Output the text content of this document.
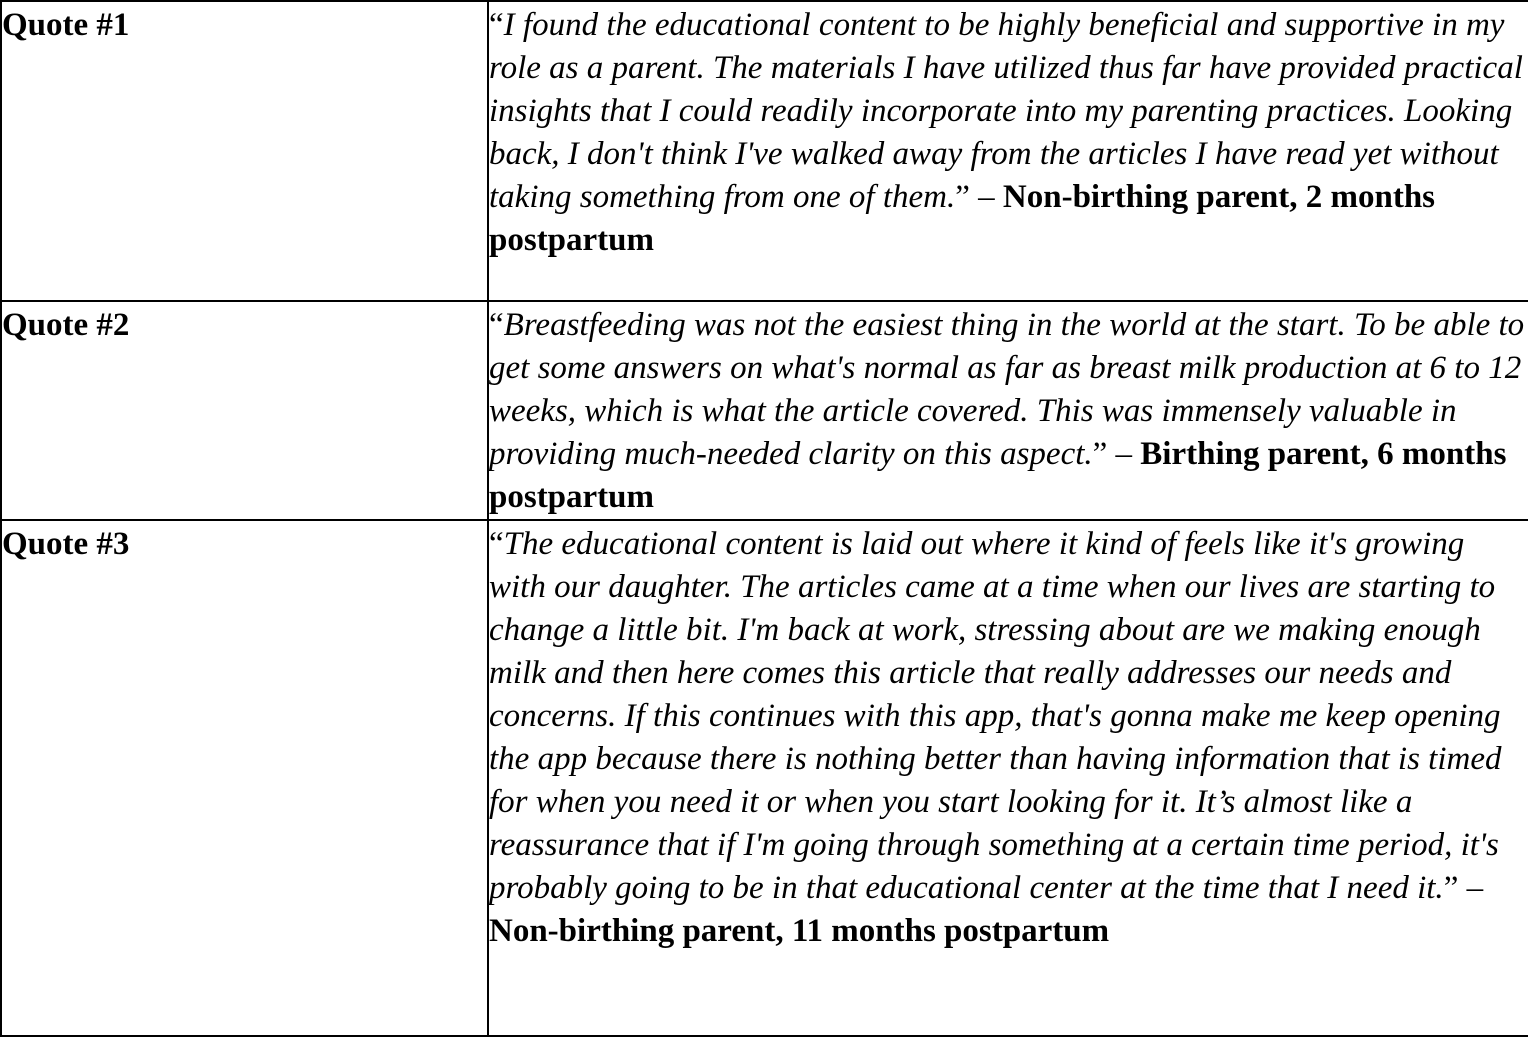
Quote #1	“I found the educational content to be highly beneficial and supportive in my role as a parent. The materials I have utilized thus far have provided practical insights that I could readily incorporate into my parenting practices. Looking back, I don't think I've walked away from the articles I have read yet without taking something from one of them.” – Non-birthing parent, 2 months postpartum

Quote #2	“Breastfeeding was not the easiest thing in the world at the start. To be able to get some answers on what's normal as far as breast milk production at 6 to 12 weeks, which is what the article covered. This was immensely valuable in providing much-needed clarity on this aspect.” – Birthing parent, 6 months postpartum

Quote #3	“The educational content is laid out where it kind of feels like it's growing with our daughter. The articles came at a time when our lives are starting to change a little bit. I'm back at work, stressing about are we making enough milk and then here comes this article that really addresses our needs and concerns. If this continues with this app, that's gonna make me keep opening the app because there is nothing better than having information that is timed for when you need it or when you start looking for it. It’s almost like a reassurance that if I'm going through something at a certain time period, it's probably going to be in that educational center at the time that I need it.” – Non-birthing parent, 11 months postpartum
